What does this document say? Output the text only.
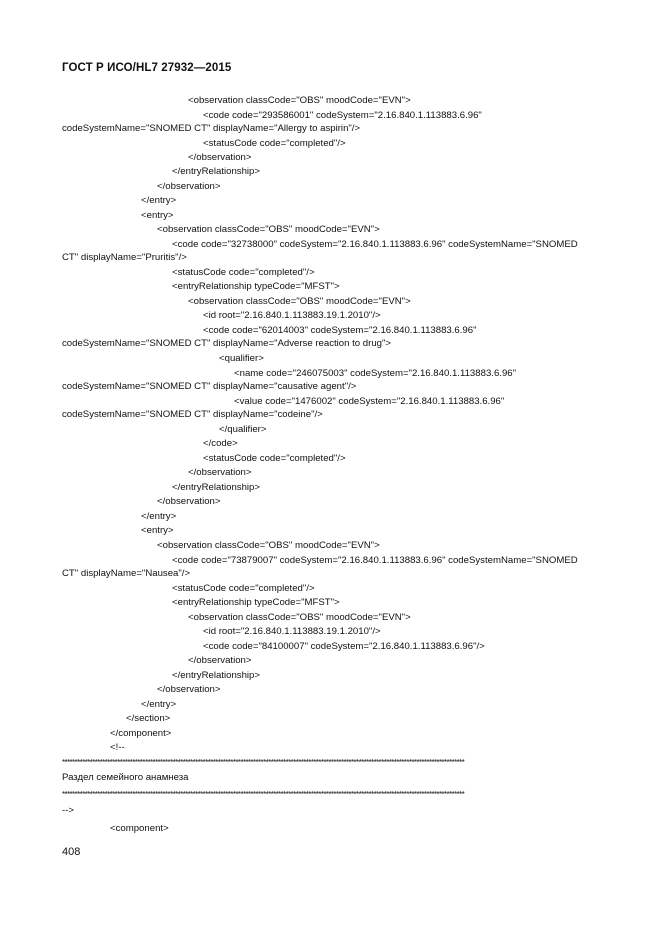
ГОСТ Р ИСО/HL7 27932—2015
<observation classCode="OBS" moodCode="EVN">
<code code="293586001" codeSystem="2.16.840.1.113883.6.96"
codeSystemName="SNOMED CT" displayName="Allergy to aspirin"/>
<statusCode code="completed"/>
</observation>
</entryRelationship>
</observation>
</entry>
<entry>
<observation classCode="OBS" moodCode="EVN">
<code code="32738000" codeSystem="2.16.840.1.113883.6.96" codeSystemName="SNOMED
CT" displayName="Pruritis"/>
<statusCode code="completed"/>
<entryRelationship typeCode="MFST">
<observation classCode="OBS" moodCode="EVN">
<id root="2.16.840.1.113883.19.1.2010"/>
<code code="62014003" codeSystem="2.16.840.1.113883.6.96"
codeSystemName="SNOMED CT" displayName="Adverse reaction to drug">
<qualifier>
<name code="246075003" codeSystem="2.16.840.1.113883.6.96"
codeSystemName="SNOMED CT" displayName="causative agent"/>
<value code="1476002" codeSystem="2.16.840.1.113883.6.96"
codeSystemName="SNOMED CT" displayName="codeine"/>
</qualifier>
</code>
<statusCode code="completed"/>
</observation>
</entryRelationship>
</observation>
</entry>
<entry>
<observation classCode="OBS" moodCode="EVN">
<code code="73879007" codeSystem="2.16.840.1.113883.6.96" codeSystemName="SNOMED
CT" displayName="Nausea"/>
<statusCode code="completed"/>
<entryRelationship typeCode="MFST">
<observation classCode="OBS" moodCode="EVN">
<id root="2.16.840.1.113883.19.1.2010"/>
<code code="84100007" codeSystem="2.16.840.1.113883.6.96"/>
</observation>
</entryRelationship>
</observation>
</entry>
</section>
</component>
<!--
****************************************************************************************************************************************************************
Раздел семейного анамнеза
****************************************************************************************************************************************************************
-->
<component>
408
